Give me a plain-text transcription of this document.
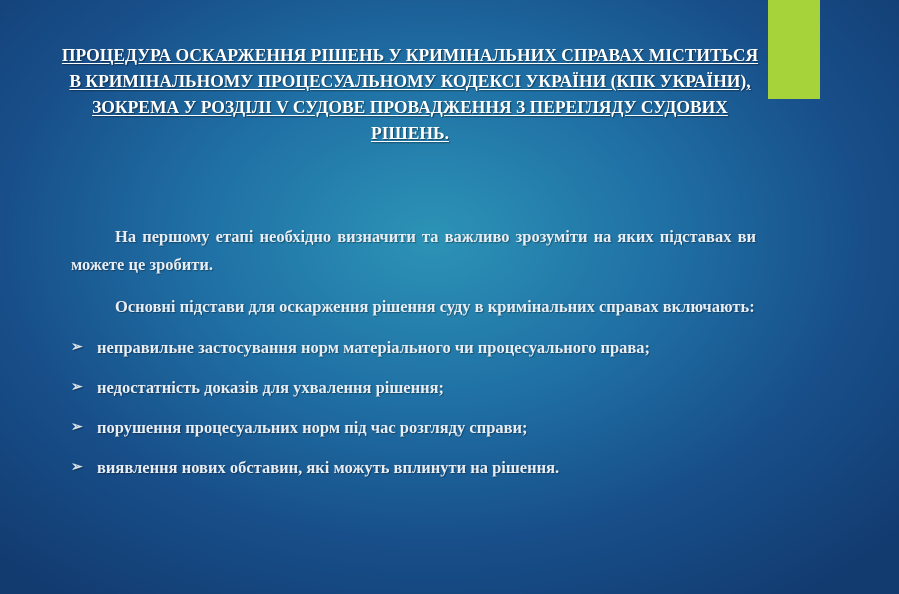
ПРОЦЕДУРА ОСКАРЖЕННЯ РІШЕНЬ У КРИМІНАЛЬНИХ СПРАВАХ МІСТИТЬСЯ В КРИМІНАЛЬНОМУ ПРОЦЕСУАЛЬНОМУ КОДЕКСІ УКРАЇНИ (КПК УКРАЇНИ), ЗОКРЕМА У РОЗДІЛІ V СУДОВЕ ПРОВАДЖЕННЯ З ПЕРЕГЛЯДУ СУДОВИХ РІШЕНЬ.

На першому етапі необхідно визначити та важливо зрозуміти на яких підставах ви можете це зробити.

Основні підстави для оскарження рішення суду в кримінальних справах включають:

➢ неправильне застосування норм матеріального чи процесуального права;
➢ недостатність доказів для ухвалення рішення;
➢ порушення процесуальних норм під час розгляду справи;
➢ виявлення нових обставин, які можуть вплинути на рішення.
